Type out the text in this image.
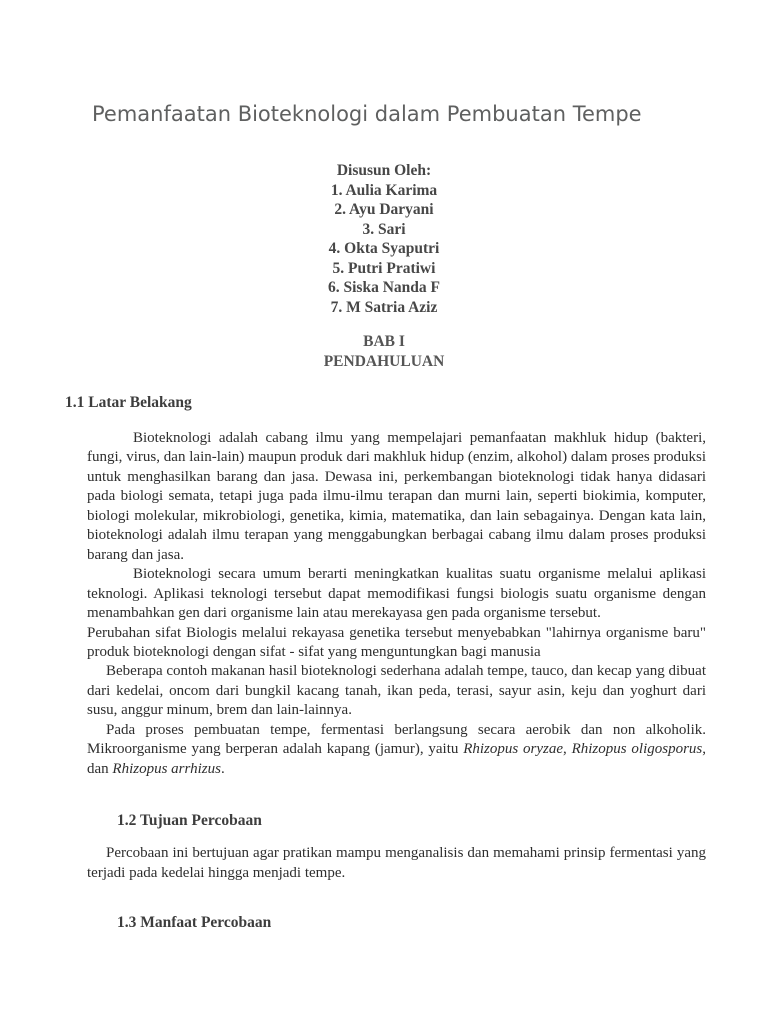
Pemanfaatan Bioteknologi dalam Pembuatan Tempe

Disusun Oleh:

1. Aulia Karima

2. Ayu Daryani

3. Sari

4. Okta Syaputri

5. Putri Pratiwi

6. Siska Nanda F

7. M Satria Aziz

BAB I

PENDAHULUAN

1.1 Latar Belakang

Bioteknologi adalah cabang ilmu yang mempelajari pemanfaatan makhluk hidup (bakteri, fungi, virus, dan lain-lain) maupun produk dari makhluk hidup (enzim, alkohol) dalam proses produksi untuk menghasilkan barang dan jasa. Dewasa ini, perkembangan bioteknologi tidak hanya didasari pada biologi semata, tetapi juga pada ilmu-ilmu terapan dan murni lain, seperti biokimia, komputer, biologi molekular, mikrobiologi, genetika, kimia, matematika, dan lain sebagainya. Dengan kata lain, bioteknologi adalah ilmu terapan yang menggabungkan berbagai cabang ilmu dalam proses produksi barang dan jasa.

Bioteknologi secara umum berarti meningkatkan kualitas suatu organisme melalui aplikasi teknologi. Aplikasi teknologi tersebut dapat memodifikasi fungsi biologis suatu organisme dengan menambahkan gen dari organisme lain atau merekayasa gen pada organisme tersebut.

Perubahan sifat Biologis melalui rekayasa genetika tersebut menyebabkan "lahirnya organisme baru" produk bioteknologi dengan sifat - sifat yang menguntungkan bagi manusia

Beberapa contoh makanan hasil bioteknologi sederhana adalah tempe, tauco, dan kecap yang dibuat dari kedelai, oncom dari bungkil kacang tanah, ikan peda, terasi, sayur asin, keju dan yoghurt dari susu, anggur minum, brem dan lain-lainnya.

Pada proses pembuatan tempe, fermentasi berlangsung secara aerobik dan non alkoholik. Mikroorganisme yang berperan adalah kapang (jamur), yaitu Rhizopus oryzae, Rhizopus oligosporus, dan Rhizopus arrhizus.

1.2 Tujuan Percobaan

Percobaan ini bertujuan agar pratikan mampu menganalisis dan memahami prinsip fermentasi yang terjadi pada kedelai hingga menjadi tempe.

1.3 Manfaat Percobaan
